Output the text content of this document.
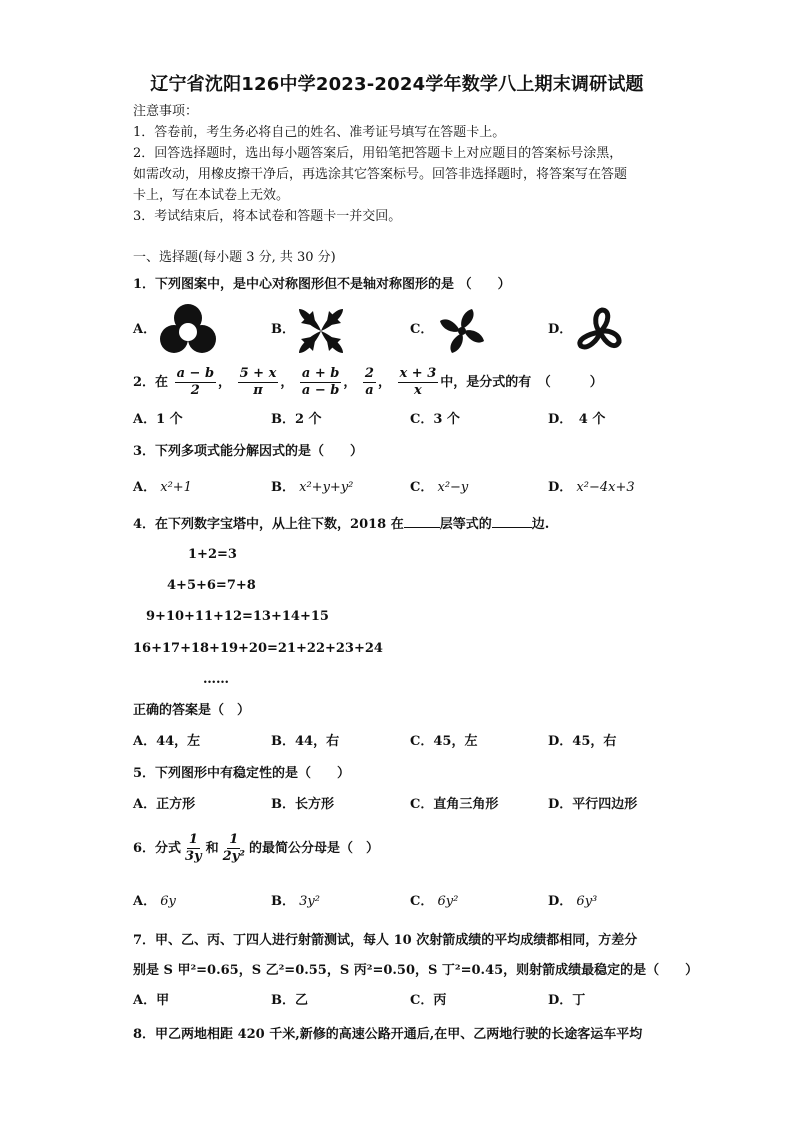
辽宁省沈阳126中学2023-2024学年数学八上期末调研试题
注意事项：
1．答卷前，考生务必将自己的姓名、准考证号填写在答题卡上。
2．回答选择题时，选出每小题答案后，用铅笔把答题卡上对应题目的答案标号涂黑，
如需改动，用橡皮擦干净后，再选涂其它答案标号。回答非选择题时，将答案写在答题
卡上，写在本试卷上无效。
3．考试结束后，将本试卷和答题卡一并交回。
一、选择题(每小题 3 分, 共 30 分)
1．下列图案中，是中心对称图形但不是轴对称图形的是 （　　）
A．	B．	C．	D．
2．在 $\frac{a - b}{2}$ ， $\frac{5 + x}{\pi}$ ， $\frac{a + b}{a - b}$ ， $\frac{2}{a}$ ， $\frac{x + 3}{x}$ 中，是分式的有　（　　　）
A．1 个	B．2 个	C．3 个	D．　4 个
3．下列多项式能分解因式的是（　　）
A． x²+1	B． x²+y+y²	C． x²−y	D． x²−4x+3
4．在下列数字宝塔中，从上往下数，2018 在	层等式的	边.
1+2=3
4+5+6=7+8
9+10+11+12=13+14+15
16+17+18+19+20=21+22+23+24
……
正确的答案是（　）
A．44，左	B．44，右	C．45，左	D．45，右
5．下列图形中有稳定性的是（　　）
A．正方形	B．长方形	C．直角三角形	D．平行四边形
6．分式 $\frac{1}{3y}$ 和 $\frac{1}{\text{2y²}}$ 的最简公分母是（　）
A． 6y	B． 3y²	C． 6y²	D． 6y³
7．甲、乙、丙、丁四人进行射箭测试，每人 10 次射箭成绩的平均成绩都相同，方差分
别是 S 甲²=0.65，S 乙²=0.55，S 丙²=0.50，S 丁²=0.45，则射箭成绩最稳定的是（　　）
A．甲	B．乙	C．丙	D．丁
8．甲乙两地相距 420 千米,新修的高速公路开通后,在甲、乙两地行驶的长途客运车平均
